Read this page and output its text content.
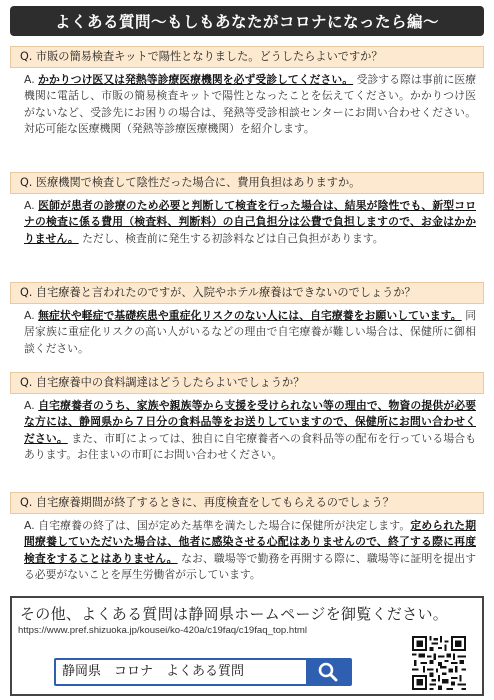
よくある質問〜もしもあなたがコロナになったら編〜
Q. 市販の簡易検査キットで陽性となりました。どうしたらよいですか？
A. かかりつけ医又は発熱等診療医療機関を必ず受診してください。 受診する際は事前に医療機関に電話し、市販の簡易検査キットで陽性となったことを伝えてください。かかりつけ医がないなど、受診先にお困りの場合は、発熱等受診相談センターにお問い合わせください。対応可能な医療機関（発熱等診療医療機関）を紹介します。
Q. 医療機関で検査して陰性だった場合に、費用負担はありますか。
A. 医師が患者の診療のため必要と判断して検査を行った場合は、結果が陰性でも、新型コロナの検査に係る費用（検査料、判断料）の自己負担分は公費で負担しますので、お金はかかりません。 ただし、検査前に発生する初診料などは自己負担があります。
Q. 自宅療養と言われたのですが、入院やホテル療養はできないのでしょうか？
A. 無症状や軽症で基礎疾患や重症化リスクのない人には、自宅療養をお願いしています。 同居家族に重症化リスクの高い人がいるなどの理由で自宅療養が難しい場合は、保健所に御相談ください。
Q. 自宅療養中の食料調達はどうしたらよいでしょうか？
A. 自宅療養者のうち、家族や親族等から支援を受けられない等の理由で、物資の提供が必要な方には、静岡県から７日分の食料品等をお送りしていますので、保健所にお問い合わせください。 また、市町によっては、独自に自宅療養者への食料品等の配布を行っている場合もあります。お住まいの市町にお問い合わせください。
Q. 自宅療養期間が終了するときに、再度検査をしてもらえるのでしょう？
A. 自宅療養の終了は、国が定めた基準を満たした場合に保健所が決定します。定められた期間療養していただいた場合は、他者に感染させる心配はありませんので、終了する際に再度検査をすることはありません。 なお、職場等で勤務を再開する際に、職場等に証明を提出する必要がないことを厚生労働省が示しています。
その他、よくある質問は静岡県ホームページを御覧ください。
https://www.pref.shizuoka.jp/kousei/ko-420a/c19faq/c19faq_top.html
静岡県　コロナ　よくある質問
